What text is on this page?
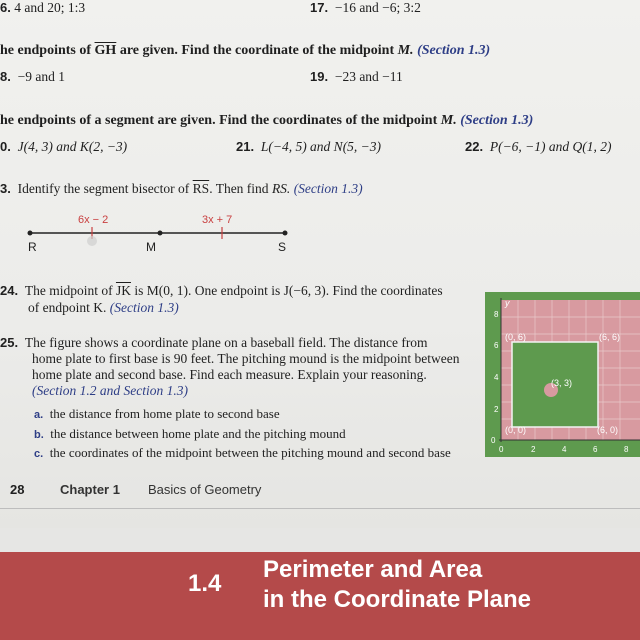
6. 4 and 20; 1:3	17. −16 and −6; 3:2
he endpoints of $\overline{GH}$ are given. Find the coordinate of the midpoint M. (Section 1.3)
8. −9 and 1	19. −23 and −11
he endpoints of a segment are given. Find the coordinates of the midpoint M. (Section 1.3)
0. J(4, 3) and K(2, −3)	21. L(−4, 5) and N(5, −3)	22. P(−6, −1) and Q(1, 2)
3. Identify the segment bisector of $\overline{RS}$. Then find RS. (Section 1.3)
6x − 2	3x + 7
R	M	S
24. The midpoint of $\overline{JK}$ is M(0, 1). One endpoint is J(−6, 3). Find the coordinates
of endpoint K. (Section 1.3)
25. The figure shows a coordinate plane on a baseball field. The distance from
home plate to first base is 90 feet. The pitching mound is the midpoint between
home plate and second base. Find each measure. Explain your reasoning.
(Section 1.2 and Section 1.3)
a. the distance from home plate to second base
b. the distance between home plate and the pitching mound
c. the coordinates of the midpoint between the pitching mound and second base
y
8
6
4
2
0
0	2	4	6	8
(0, 6)	(6, 6)
(3, 3)
(0, 0)	(6, 0)
28	Chapter 1 Basics of Geometry
1.4
Perimeter and Area
in the Coordinate Plane
